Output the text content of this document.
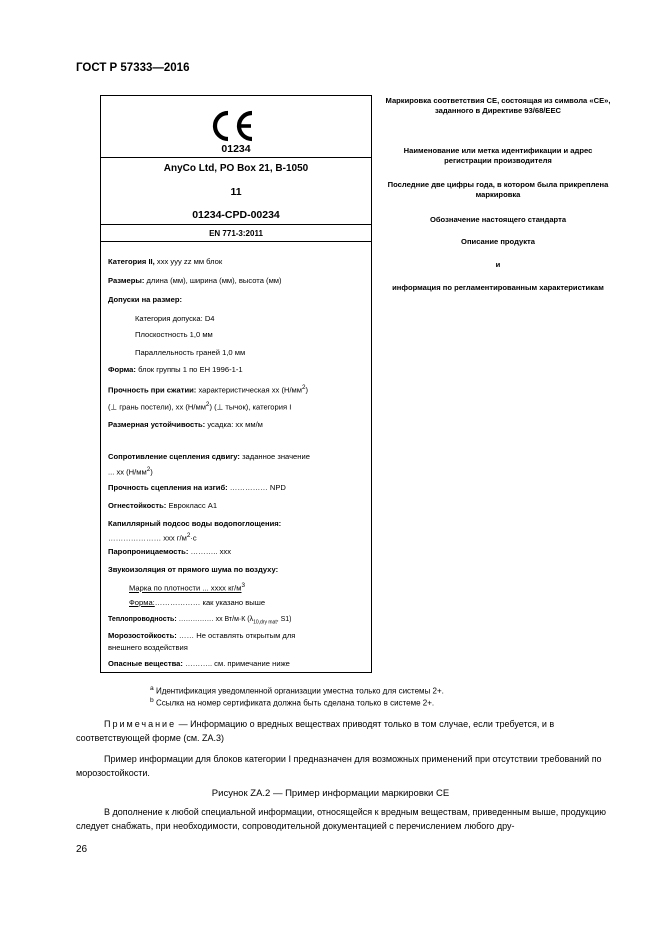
ГОСТ Р 57333—2016
01234
AnyCo Ltd, PO Box 21, B-1050
11
01234-CPD-00234
EN 771-3:2011
Категория II, xxx yyy zz мм блок
Размеры: длина (мм), ширина (мм), высота (мм)
Допуски на размер:
Категория допуска: D4
Плоскостность 1,0 мм
Параллельность граней 1,0 мм
Форма: блок группы 1 по ЕН 1996-1-1
Прочность при сжатии: характеристическая xx $(Н/мм^2)$
(⊥ грань постели), xx $(Н/мм^2)$ (⊥ тычок), категория I
Размерная устойчивость: усадка: хх мм/м
Сопротивление сцепления сдвигу: заданное значение
... xx $(Н/мм^2)$
Прочность сцепления на изгиб: …………… NPD
Огнестойкость: Еврокласс A1
Капиллярный подсос воды водопоглощения:
………………… xxx $г/м^2\cdot c$
Паропроницаемость: ……….. xxx
Звукоизоляция от прямого шума по воздуху:
Марка по плотности ... xxxx $кг/м^3$
Форма:……………… как указано выше
Теплопроводность: …………… xx Вт/м·К ($\lambda_{10,dry mat}$, S1)
Морозостойкость: …… Не оставлять открытым для
внешнего воздействия
Опасные вещества: ……….. см. примечание ниже
Маркировка соответствия СЕ, состоящая из символа «СЕ», заданного в Директиве 93/68/ЕЕС
Наименование или метка идентификации и адрес регистрации производителя
Последние две цифры года, в котором была прикреплена маркировка
Обозначение настоящего стандарта
Описание продукта
и
информация по регламентированным характеристикам
$^а$ Идентификация уведомленной организации уместна только для системы 2+.
$^b$ Ссылка на номер сертификата должна быть сделана только в системе 2+.
Примечание — Информацию о вредных веществах приводят только в том случае, если требуется, и в соответствующей форме (см. ZA.3)
Пример информации для блоков категории I предназначен для возможных применений при отсутствии требований по морозостойкости.
Рисунок ZA.2 — Пример информации маркировки СЕ
В дополнение к любой специальной информации, относящейся к вредным веществам, приведенным выше, продукцию следует снабжать, при необходимости, сопроводительной документацией с перечислением любого дру-
26
